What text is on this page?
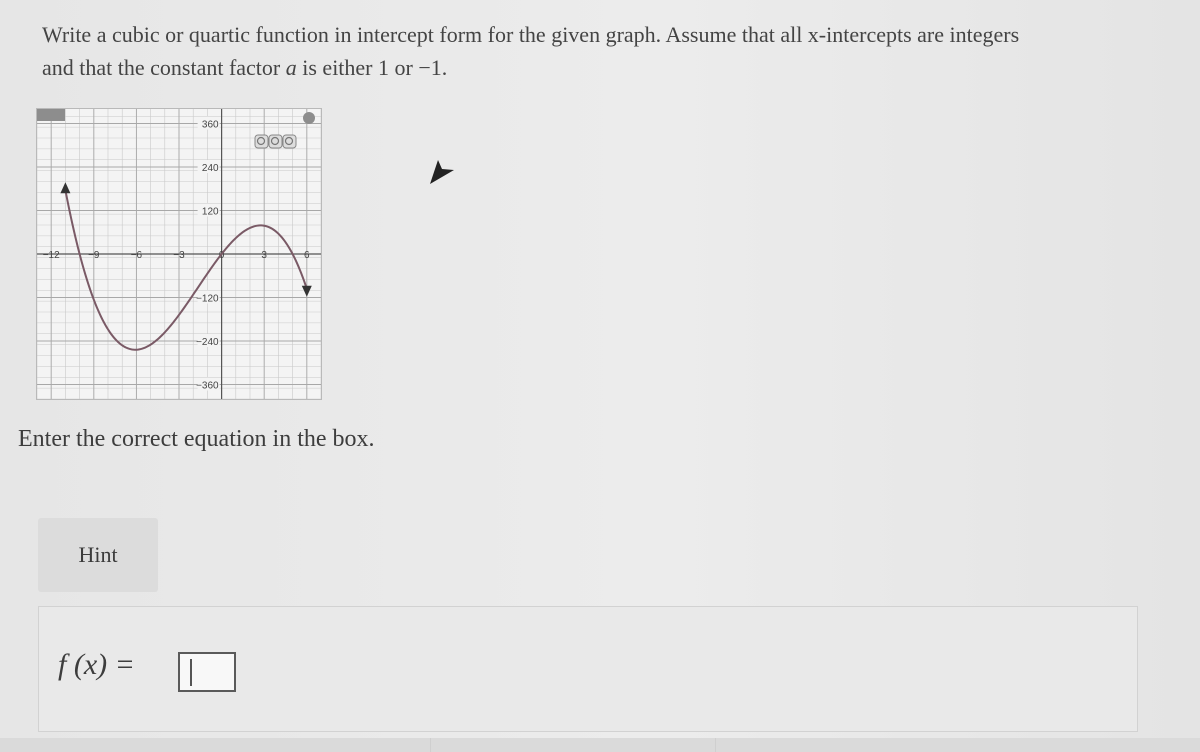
Write a cubic or quartic function in intercept form for the given graph. Assume that all x-intercepts are integers
and that the constant factor a is either 1 or −1.
−12	−9	−6	−3	0	3	6
360
240
120
−120
−240
−360
Enter the correct equation in the box.
Hint
f (x) =
